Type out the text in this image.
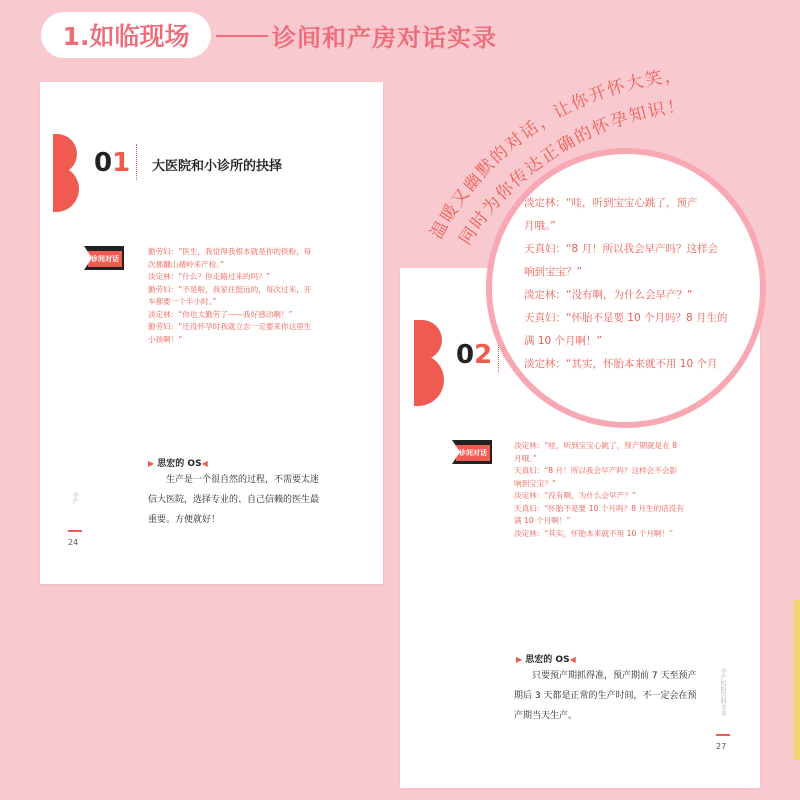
1.如临现场	诊间和产房对话实录
01 大医院和小诊所的抉择
诊间对话
勤劳妇：“医生，我觉得我根本就是你的铁粉，每
次都翻山越岭来产检。”
淡定林：“什么？你走路过来的吗？”
勤劳妇：“不是啦，我家住挺远的，每次过来，开
车都要一个半小时。”
淡定林：“你也太勤劳了——我好感动啊！”
勤劳妇：“还没怀孕时我就立志一定要来你这里生
小孩啊！”
▶ 思宏的 OS◀
生产是一个很自然的过程，不需要太迷
信大医院，选择专业的、自己信赖的医生最
重要。方便就好！
孕产
24
02
诊间对话
淡定林：“哇，听到宝宝心跳了，预产期就是在 8
月哦。”
天真妇：“8 月！所以我会早产吗？这样会不会影
响到宝宝？”
淡定林：“没有啊，为什么会早产？”
天真妇：“怀胎不是要 10 个月吗？8 月生的话没有
满 10 个月啊！”
淡定林：“其实，怀胎本来就不用 10 个月啊！”
▶ 思宏的 OS◀
只要预产期抓得准，预产期前 7 天至预产
期后 3 天都是正常的生产时间，不一定会在预
产期当天生产。	孕产妈妈百科全书
27
温暖又幽默的对话，让你开怀大笑，
同时为你传达正确的怀孕知识！
淡定林：“哇，听到宝宝心跳了，预产
月哦。”
天真妇：“8 月！所以我会早产吗？这样会
响到宝宝？”
淡定林：“没有啊，为什么会早产？”
天真妇：“怀胎不是要 10 个月吗？8 月生的
满 10 个月啊！”
淡定林：“其实，怀胎本来就不用 10 个月
